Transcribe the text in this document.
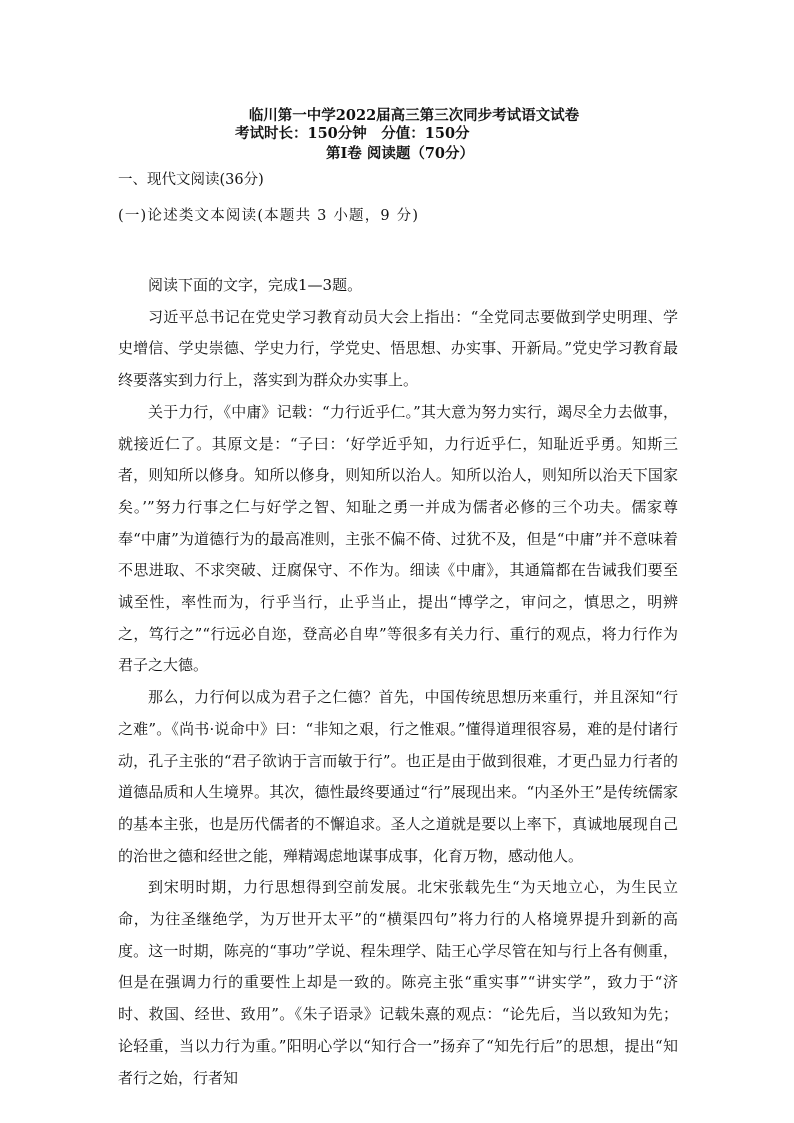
临川第一中学2022届高三第三次同步考试语文试卷
考试时长：150分钟　分值：150分
第Ⅰ卷 阅读题（70分）
一、现代文阅读(36分)
(一)论述类文本阅读(本题共 3 小题，9 分)

阅读下面的文字，完成1—3题。

习近平总书记在党史学习教育动员大会上指出：“全党同志要做到学史明理、学史增信、学史崇德、学史力行，学党史、悟思想、办实事、开新局。”党史学习教育最终要落实到力行上，落实到为群众办实事上。

关于力行，《中庸》记载：“力行近乎仁。”其大意为努力实行，竭尽全力去做事，就接近仁了。其原文是：“子曰：‘好学近乎知，力行近乎仁，知耻近乎勇。知斯三者，则知所以修身。知所以修身，则知所以治人。知所以治人，则知所以治天下国家矣。’”努力行事之仁与好学之智、知耻之勇一并成为儒者必修的三个功夫。儒家尊奉“中庸”为道德行为的最高准则，主张不偏不倚、过犹不及，但是“中庸”并不意味着不思进取、不求突破、迂腐保守、不作为。细读《中庸》，其通篇都在告诫我们要至诚至性，率性而为，行乎当行，止乎当止，提出“博学之，审问之，慎思之，明辨之，笃行之”“行远必自迩，登高必自卑”等很多有关力行、重行的观点，将力行作为君子之大德。

那么，力行何以成为君子之仁德？首先，中国传统思想历来重行，并且深知“行之难”。《尚书·说命中》曰：“非知之艰，行之惟艰。”懂得道理很容易，难的是付诸行动，孔子主张的“君子欲讷于言而敏于行”。也正是由于做到很难，才更凸显力行者的道德品质和人生境界。其次，德性最终要通过“行”展现出来。“内圣外王”是传统儒家的基本主张，也是历代儒者的不懈追求。圣人之道就是要以上率下，真诚地展现自己的治世之德和经世之能，殚精竭虑地谋事成事，化育万物，感动他人。

到宋明时期，力行思想得到空前发展。北宋张载先生“为天地立心，为生民立命，为往圣继绝学，为万世开太平”的“横渠四句”将力行的人格境界提升到新的高度。这一时期，陈亮的“事功”学说、程朱理学、陆王心学尽管在知与行上各有侧重，但是在强调力行的重要性上却是一致的。陈亮主张“重实事”“讲实学”，致力于“济时、救国、经世、致用”。《朱子语录》记载朱熹的观点：“论先后，当以致知为先；论轻重，当以力行为重。”阳明心学以“知行合一”扬弃了“知先行后”的思想，提出“知者行之始，行者知
